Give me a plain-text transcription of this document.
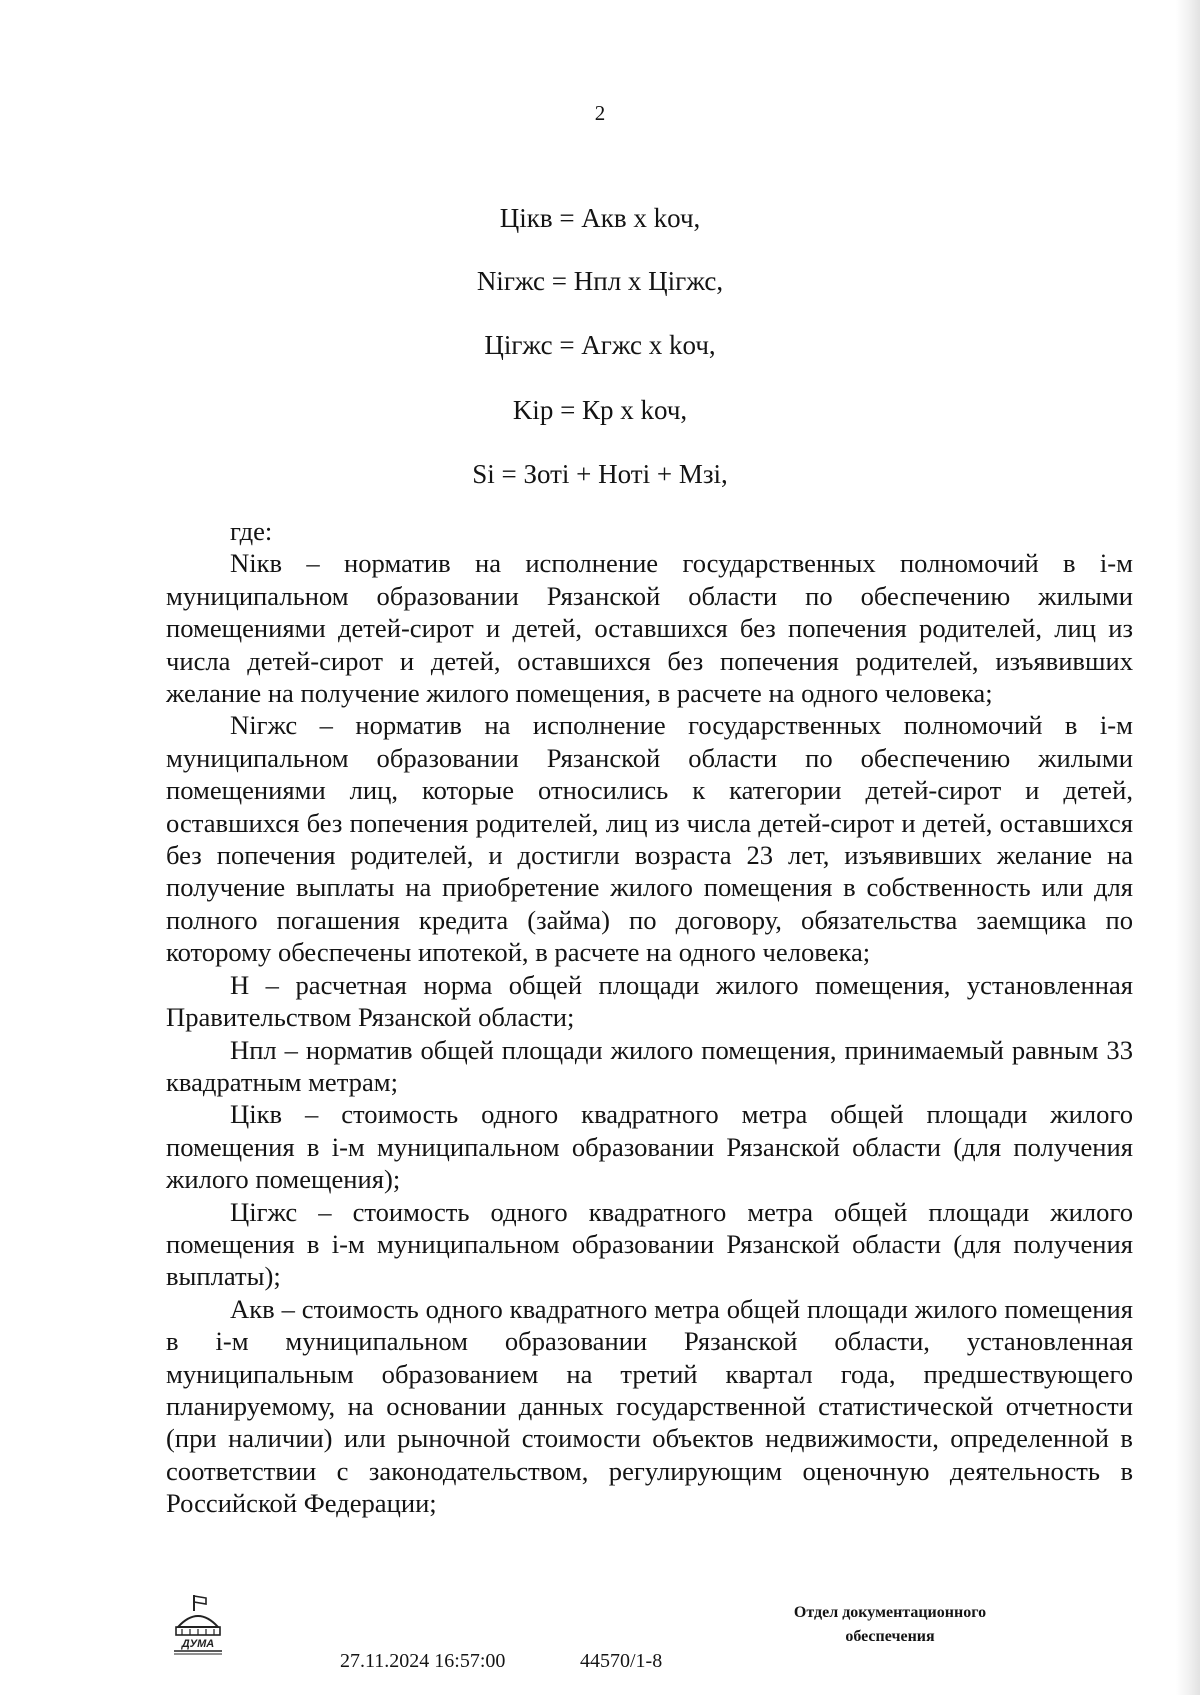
2
Цiкв = Акв х kоч,
Nігжс = Нпл х Цігжс,
Цігжс = Агжс х kоч,
Kір = Кр х kоч,
Si = Зоті + Ноті + Мзі,

где:

Nікв – норматив на исполнение государственных полномочий в i-м муниципальном образовании Рязанской области по обеспечению жилыми помещениями детей-сирот и детей, оставшихся без попечения родителей, лиц из числа детей-сирот и детей, оставшихся без попечения родителей, изъявивших желание на получение жилого помещения, в расчете на одного человека;

Nігжс – норматив на исполнение государственных полномочий в i-м муниципальном образовании Рязанской области по обеспечению жилыми помещениями лиц, которые относились к категории детей-сирот и детей, оставшихся без попечения родителей, лиц из числа детей-сирот и детей, оставшихся без попечения родителей, и достигли возраста 23 лет, изъявивших желание на получение выплаты на приобретение жилого помещения в собственность или для полного погашения кредита (займа) по договору, обязательства заемщика по которому обеспечены ипотекой, в расчете на одного человека;

Н – расчетная норма общей площади жилого помещения, установленная Правительством Рязанской области;

Нпл – норматив общей площади жилого помещения, принимаемый равным 33 квадратным метрам;

Цікв – стоимость одного квадратного метра общей площади жилого помещения в і-м муниципальном образовании Рязанской области (для получения жилого помещения);

Цігжс – стоимость одного квадратного метра общей площади жилого помещения в і-м муниципальном образовании Рязанской области (для получения выплаты);

Акв – стоимость одного квадратного метра общей площади жилого помещения в і-м муниципальном образовании Рязанской области, установленная муниципальным образованием на третий квартал года, предшествующего планируемому, на основании данных государственной статистической отчетности (при наличии) или рыночной стоимости объектов недвижимости, определенной в соответствии с законодательством, регулирующим оценочную деятельность в Российской Федерации;

ДУМА
27.11.2024 16:57:00	44570/1-8
Отдел документационного
обеспечения
